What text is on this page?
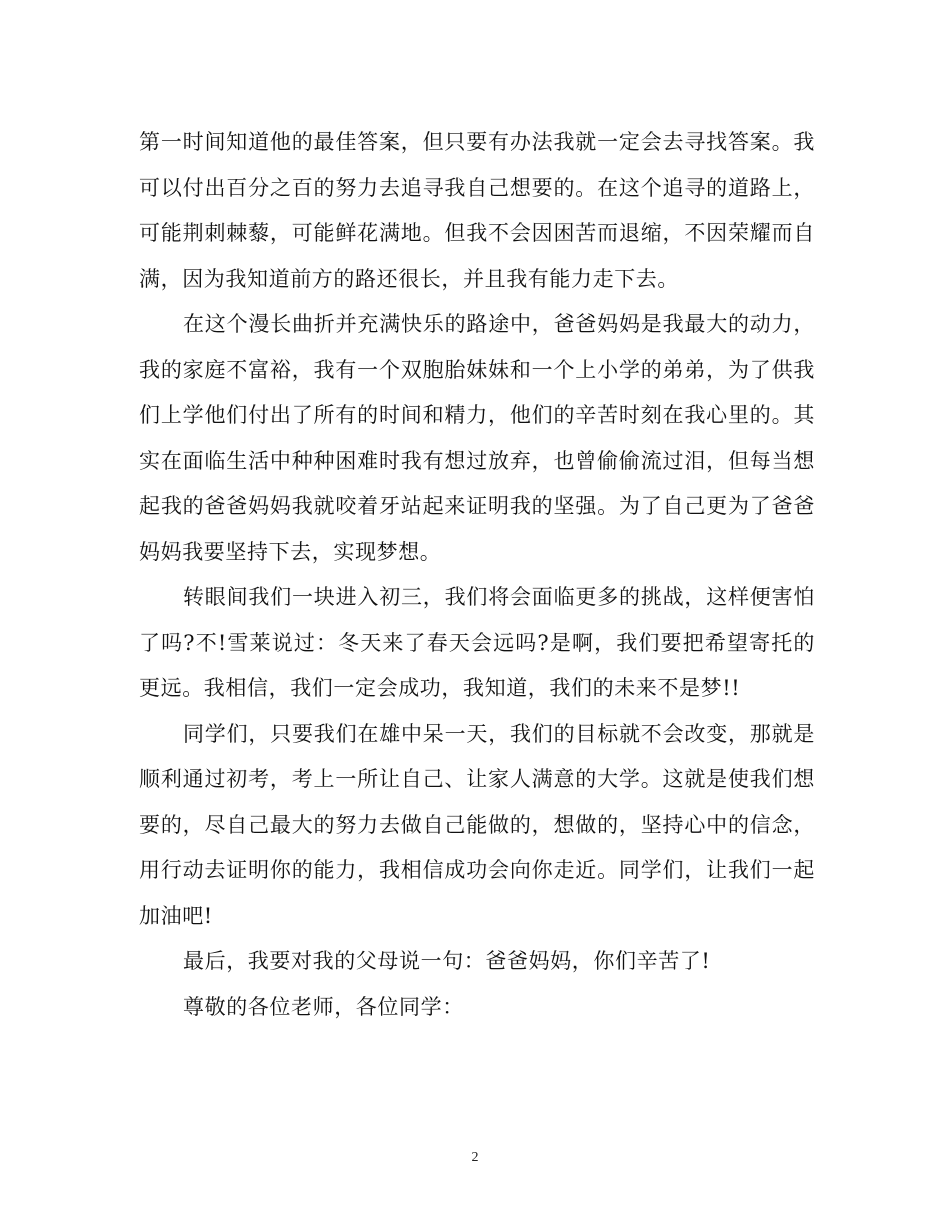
第一时间知道他的最佳答案，但只要有办法我就一定会去寻找答案。我可以付出百分之百的努力去追寻我自己想要的。在这个追寻的道路上，可能荆刺棘藜，可能鲜花满地。但我不会因困苦而退缩，不因荣耀而自满，因为我知道前方的路还很长，并且我有能力走下去。

在这个漫长曲折并充满快乐的路途中，爸爸妈妈是我最大的动力，我的家庭不富裕，我有一个双胞胎妹妹和一个上小学的弟弟，为了供我们上学他们付出了所有的时间和精力，他们的辛苦时刻在我心里的。其实在面临生活中种种困难时我有想过放弃，也曾偷偷流过泪，但每当想起我的爸爸妈妈我就咬着牙站起来证明我的坚强。为了自己更为了爸爸妈妈我要坚持下去，实现梦想。

转眼间我们一块进入初三，我们将会面临更多的挑战，这样便害怕了吗?不!雪莱说过：冬天来了春天会远吗?是啊，我们要把希望寄托的更远。我相信，我们一定会成功，我知道，我们的未来不是梦!!

同学们，只要我们在雄中呆一天，我们的目标就不会改变，那就是顺利通过初考，考上一所让自己、让家人满意的大学。这就是使我们想要的，尽自己最大的努力去做自己能做的，想做的，坚持心中的信念，用行动去证明你的能力，我相信成功会向你走近。同学们，让我们一起加油吧!

最后，我要对我的父母说一句：爸爸妈妈，你们辛苦了!

尊敬的各位老师，各位同学：

2
